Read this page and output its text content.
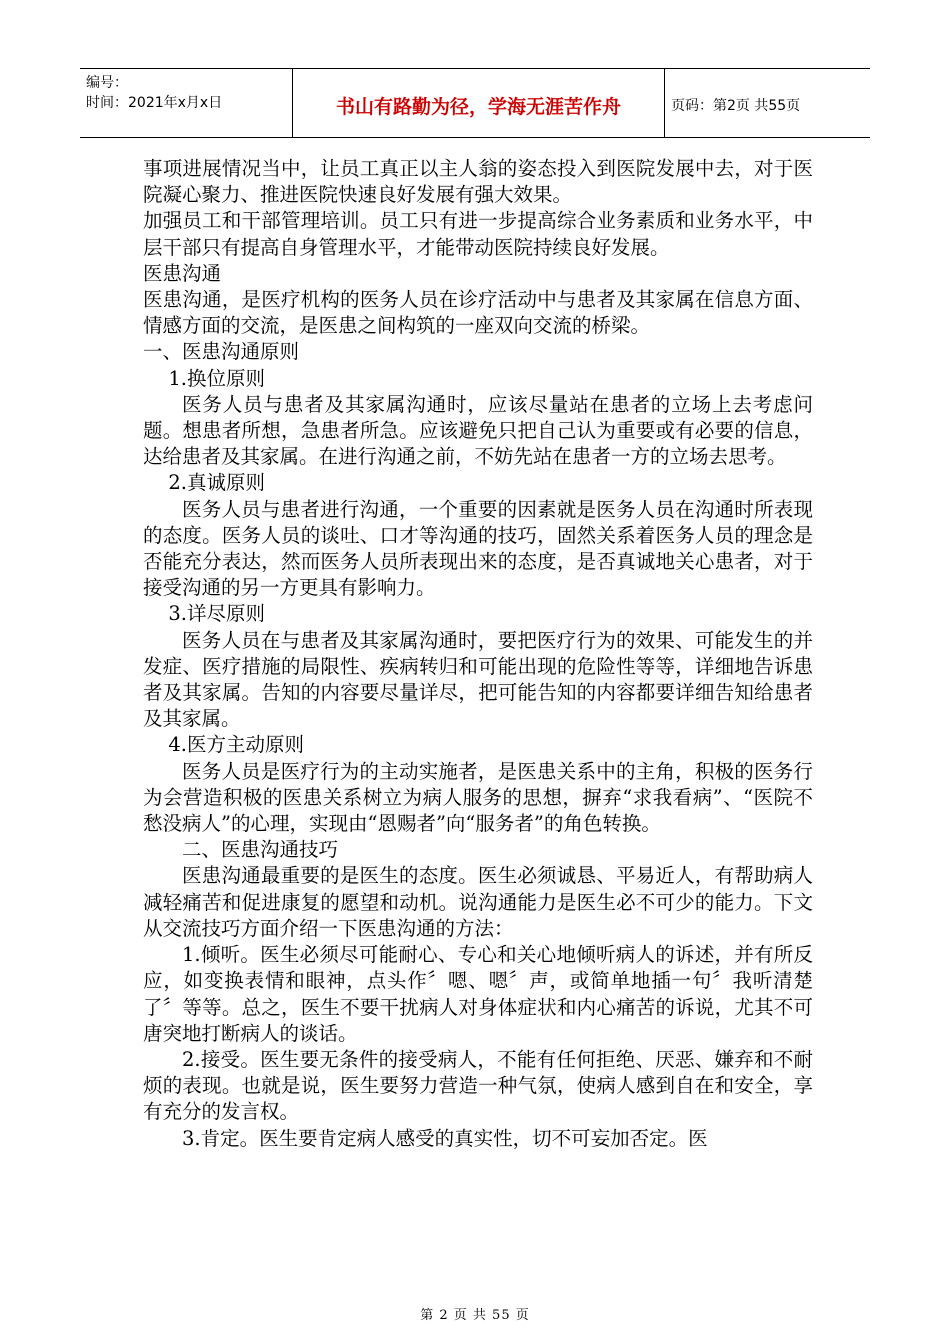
编号：
时间：2021年x月x日	书山有路勤为径，学海无涯苦作舟	页码：第2页 共55页

事项进展情况当中，让员工真正以主人翁的姿态投入到医院发展中去，对于医院凝心聚力、推进医院快速良好发展有强大效果。

加强员工和干部管理培训。员工只有进一步提高综合业务素质和业务水平，中层干部只有提高自身管理水平，才能带动医院持续良好发展。

医患沟通

医患沟通，是医疗机构的医务人员在诊疗活动中与患者及其家属在信息方面、情感方面的交流，是医患之间构筑的一座双向交流的桥梁。

一、医患沟通原则

1.换位原则

医务人员与患者及其家属沟通时，应该尽量站在患者的立场上去考虑问题。想患者所想，急患者所急。应该避免只把自己认为重要或有必要的信息，达给患者及其家属。在进行沟通之前，不妨先站在患者一方的立场去思考。

2.真诚原则

医务人员与患者进行沟通，一个重要的因素就是医务人员在沟通时所表现的态度。医务人员的谈吐、口才等沟通的技巧，固然关系着医务人员的理念是否能充分表达，然而医务人员所表现出来的态度，是否真诚地关心患者，对于接受沟通的另一方更具有影响力。

3.详尽原则

医务人员在与患者及其家属沟通时，要把医疗行为的效果、可能发生的并发症、医疗措施的局限性、疾病转归和可能出现的危险性等等，详细地告诉患者及其家属。告知的内容要尽量详尽，把可能告知的内容都要详细告知给患者及其家属。

4.医方主动原则

医务人员是医疗行为的主动实施者，是医患关系中的主角，积极的医务行为会营造积极的医患关系树立为病人服务的思想，摒弃“求我看病”、“医院不愁没病人”的心理，实现由“恩赐者”向“服务者”的角色转换。

二、医患沟通技巧

医患沟通最重要的是医生的态度。医生必须诚恳、平易近人，有帮助病人减轻痛苦和促进康复的愿望和动机。说沟通能力是医生必不可少的能力。下文从交流技巧方面介绍一下医患沟通的方法：

1.倾听。医生必须尽可能耐心、专心和关心地倾听病人的诉述，并有所反应，如变换表情和眼神，点头作〞嗯、嗯〞声，或简单地插一句〞我听清楚了〞等等。总之，医生不要干扰病人对身体症状和内心痛苦的诉说，尤其不可唐突地打断病人的谈话。

2.接受。医生要无条件的接受病人，不能有任何拒绝、厌恶、嫌弃和不耐烦的表现。也就是说，医生要努力营造一种气氛，使病人感到自在和安全，享有充分的发言权。

3.肯定。医生要肯定病人感受的真实性，切不可妄加否定。医

第 2 页 共 55 页
